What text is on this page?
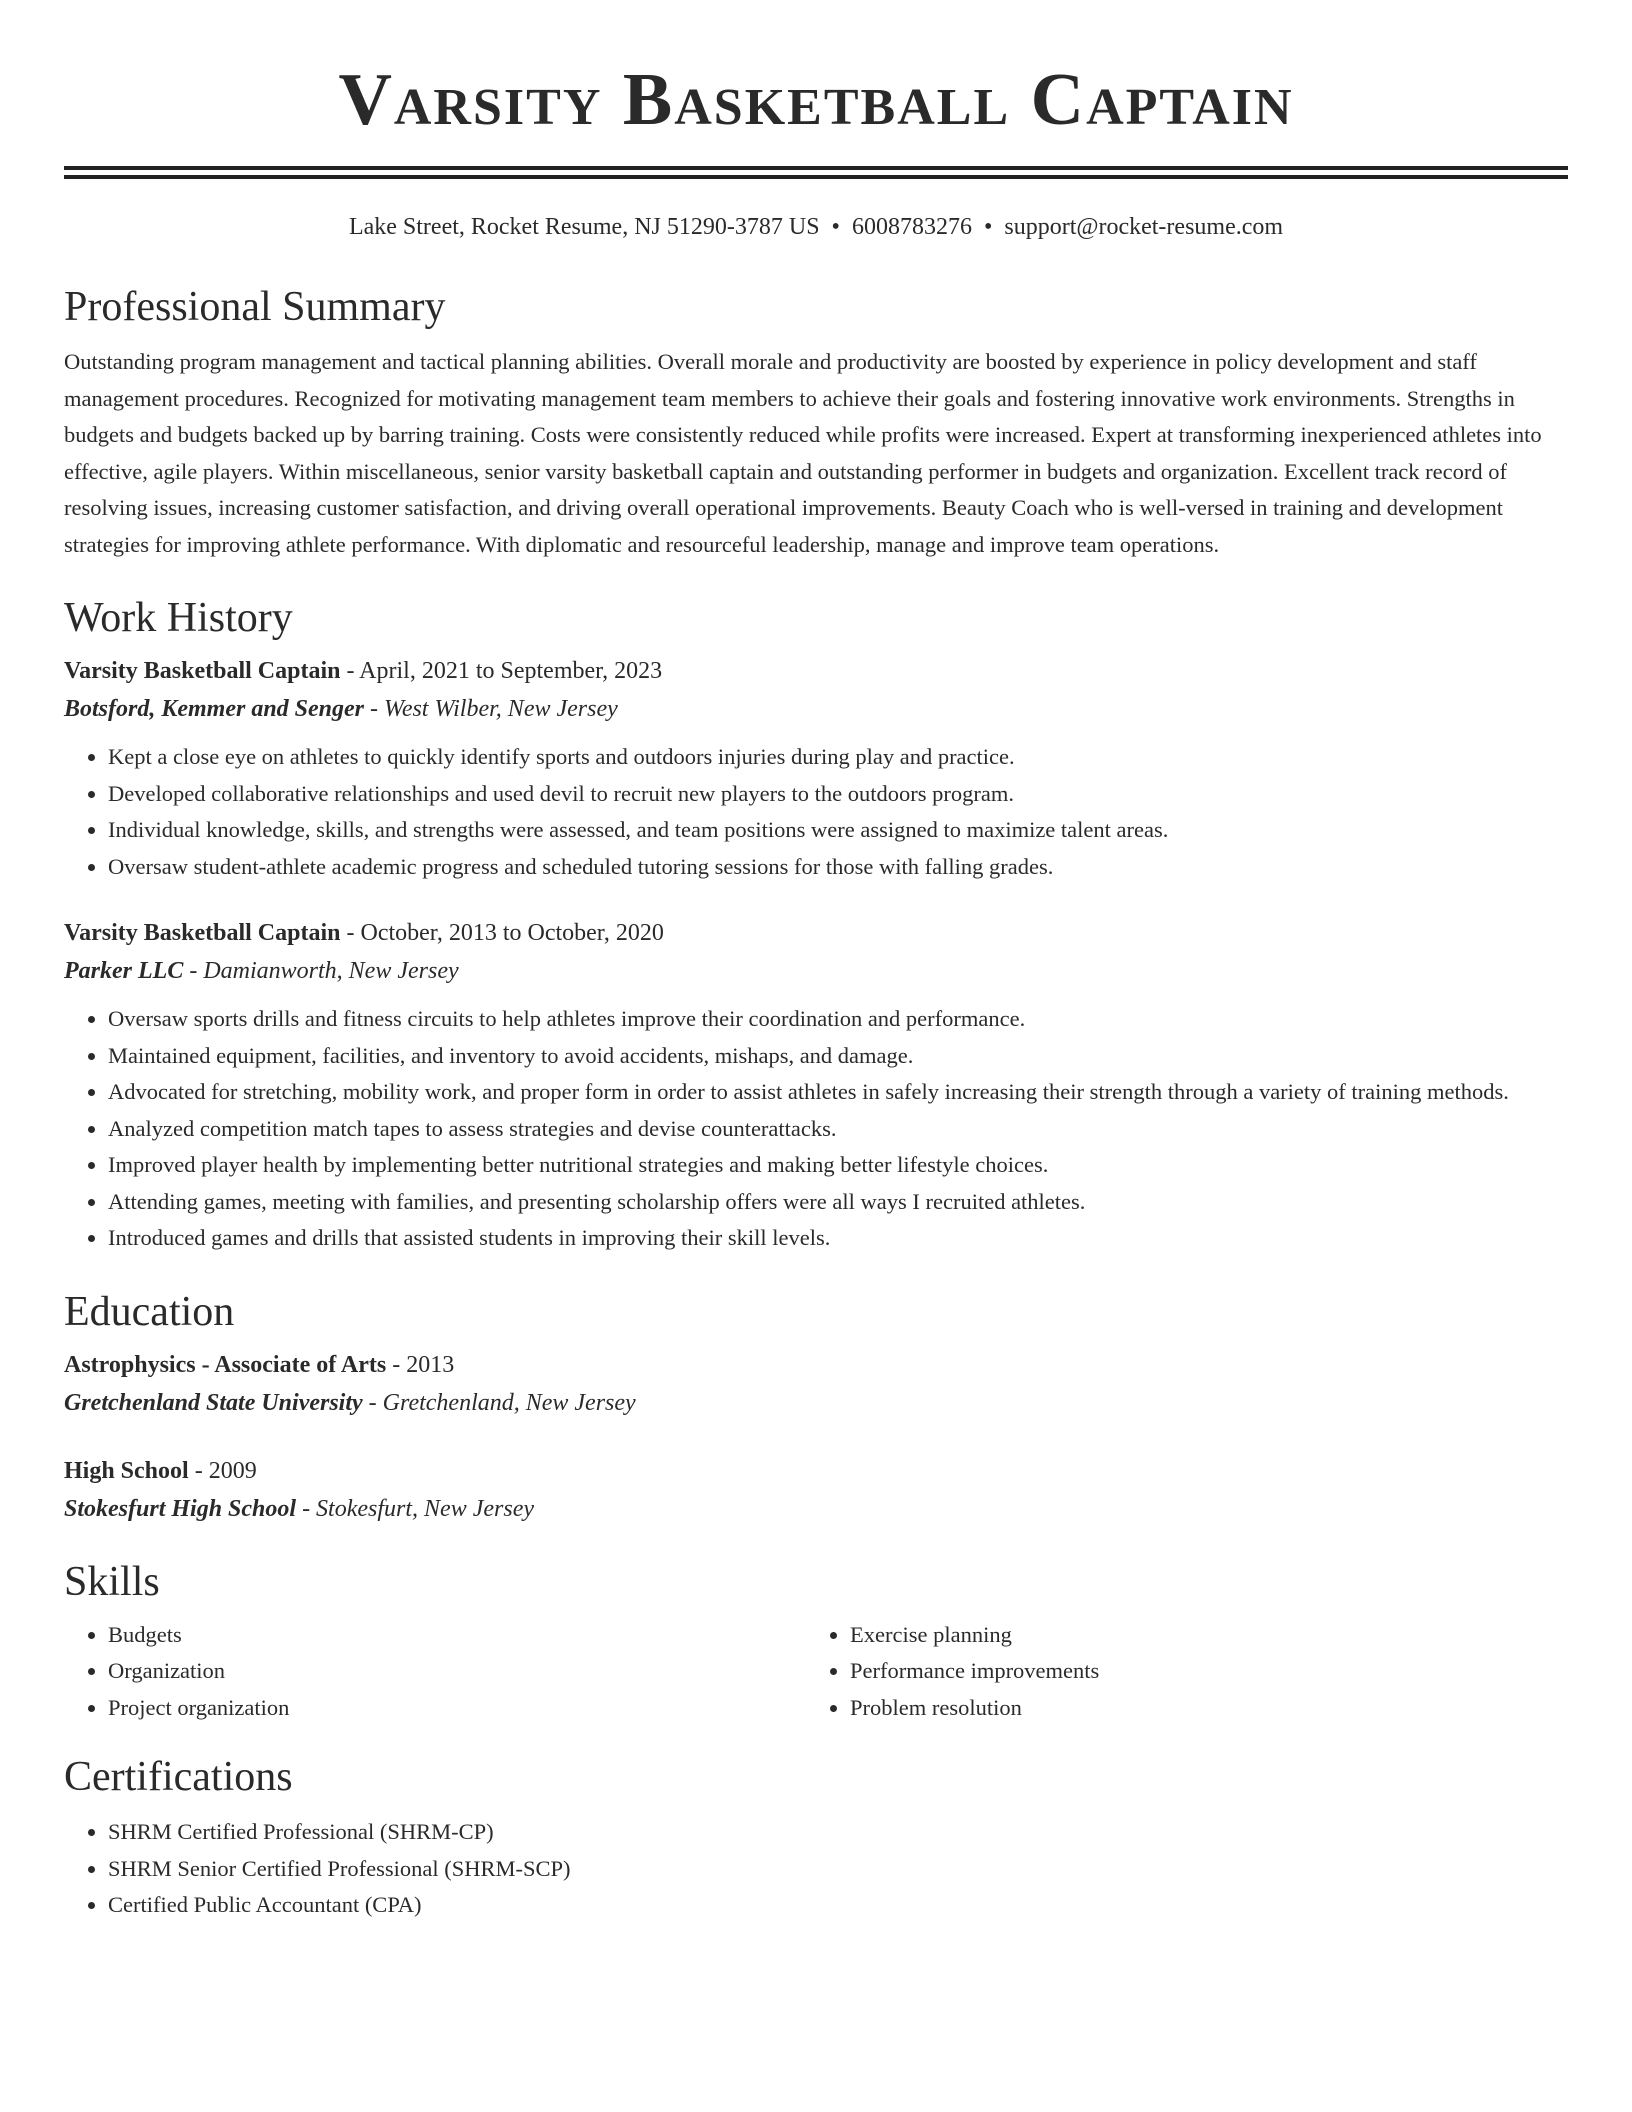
Varsity Basketball Captain
Lake Street, Rocket Resume, NJ 51290-3787 US • 6008783276 • support@rocket-resume.com
Professional Summary

Outstanding program management and tactical planning abilities. Overall morale and productivity are boosted by experience in policy development and staff management procedures. Recognized for motivating management team members to achieve their goals and fostering innovative work environments. Strengths in budgets and budgets backed up by barring training. Costs were consistently reduced while profits were increased. Expert at transforming inexperienced athletes into effective, agile players. Within miscellaneous, senior varsity basketball captain and outstanding performer in budgets and organization. Excellent track record of resolving issues, increasing customer satisfaction, and driving overall operational improvements. Beauty Coach who is well-versed in training and development strategies for improving athlete performance. With diplomatic and resourceful leadership, manage and improve team operations.

Work History

Varsity Basketball Captain - April, 2021 to September, 2023

Botsford, Kemmer and Senger - West Wilber, New Jersey

• Kept a close eye on athletes to quickly identify sports and outdoors injuries during play and practice.
• Developed collaborative relationships and used devil to recruit new players to the outdoors program.
• Individual knowledge, skills, and strengths were assessed, and team positions were assigned to maximize talent areas.
• Oversaw student-athlete academic progress and scheduled tutoring sessions for those with falling grades.

Varsity Basketball Captain - October, 2013 to October, 2020

Parker LLC - Damianworth, New Jersey

• Oversaw sports drills and fitness circuits to help athletes improve their coordination and performance.
• Maintained equipment, facilities, and inventory to avoid accidents, mishaps, and damage.
• Advocated for stretching, mobility work, and proper form in order to assist athletes in safely increasing their strength through a variety of training methods.
• Analyzed competition match tapes to assess strategies and devise counterattacks.
• Improved player health by implementing better nutritional strategies and making better lifestyle choices.
• Attending games, meeting with families, and presenting scholarship offers were all ways I recruited athletes.
• Introduced games and drills that assisted students in improving their skill levels.
Education

Astrophysics - Associate of Arts - 2013

Gretchenland State University - Gretchenland, New Jersey

High School - 2009

Stokesfurt High School - Stokesfurt, New Jersey

Skills
• Budgets
• Organization
• Project organization
• Exercise planning
• Performance improvements
• Problem resolution
Certifications
• SHRM Certified Professional (SHRM-CP)
• SHRM Senior Certified Professional (SHRM-SCP)
• Certified Public Accountant (CPA)
